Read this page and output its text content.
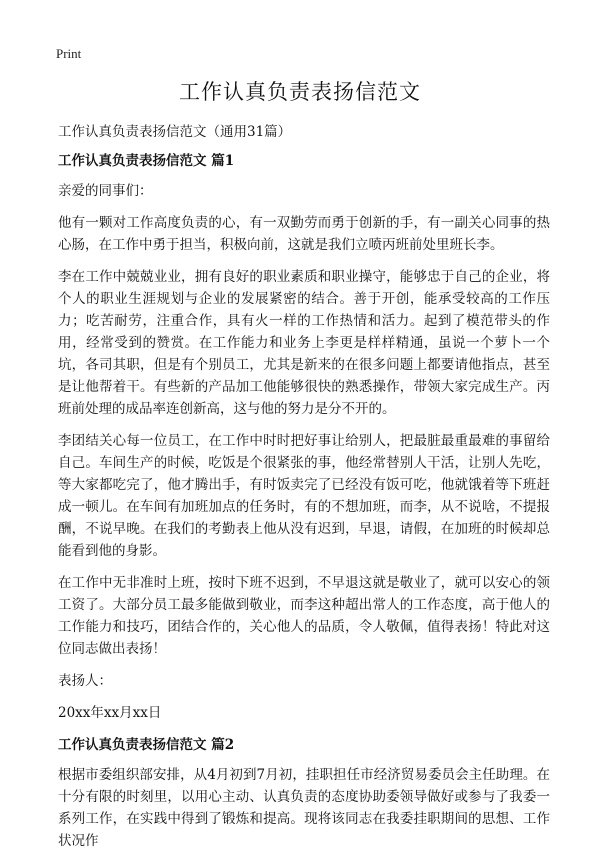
Print
工作认真负责表扬信范文
工作认真负责表扬信范文（通用31篇）
工作认真负责表扬信范文 篇1

亲爱的同事们：

他有一颗对工作高度负责的心，有一双勤劳而勇于创新的手，有一副关心同事的热心肠，在工作中勇于担当，积极向前，这就是我们立喷丙班前处里班长李。

李在工作中兢兢业业，拥有良好的职业素质和职业操守，能够忠于自己的企业，将个人的职业生涯规划与企业的发展紧密的结合。善于开创，能承受较高的工作压力；吃苦耐劳，注重合作，具有火一样的工作热情和活力。起到了模范带头的作用，经常受到的赞赏。在工作能力和业务上李更是样样精通，虽说一个萝卜一个坑，各司其职，但是有个别员工，尤其是新来的在很多问题上都要请他指点，甚至是让他帮着干。有些新的产品加工他能够很快的熟悉操作，带领大家完成生产。丙班前处理的成品率连创新高，这与他的努力是分不开的。

李团结关心每一位员工，在工作中时时把好事让给别人，把最脏最重最难的事留给自己。车间生产的时候，吃饭是个很紧张的事，他经常替别人干活，让别人先吃，等大家都吃完了，他才腾出手，有时饭卖完了已经没有饭可吃，他就饿着等下班赶成一顿儿。在车间有加班加点的任务时，有的不想加班，而李，从不说啥，不提报酬，不说早晚。在我们的考勤表上他从没有迟到，早退，请假，在加班的时候却总能看到他的身影。

在工作中无非准时上班，按时下班不迟到，不早退这就是敬业了，就可以安心的领工资了。大部分员工最多能做到敬业，而李这种超出常人的工作态度，高于他人的工作能力和技巧，团结合作的，关心他人的品质，令人敬佩，值得表扬！特此对这位同志做出表扬！

表扬人：

20xx年xx月xx日

工作认真负责表扬信范文 篇2

根据市委组织部安排，从4月初到7月初，挂职担任市经济贸易委员会主任助理。在十分有限的时刻里，以用心主动、认真负责的态度协助委领导做好或参与了我委一系列工作，在实践中得到了锻炼和提高。现将该同志在我委挂职期间的思想、工作状况作
